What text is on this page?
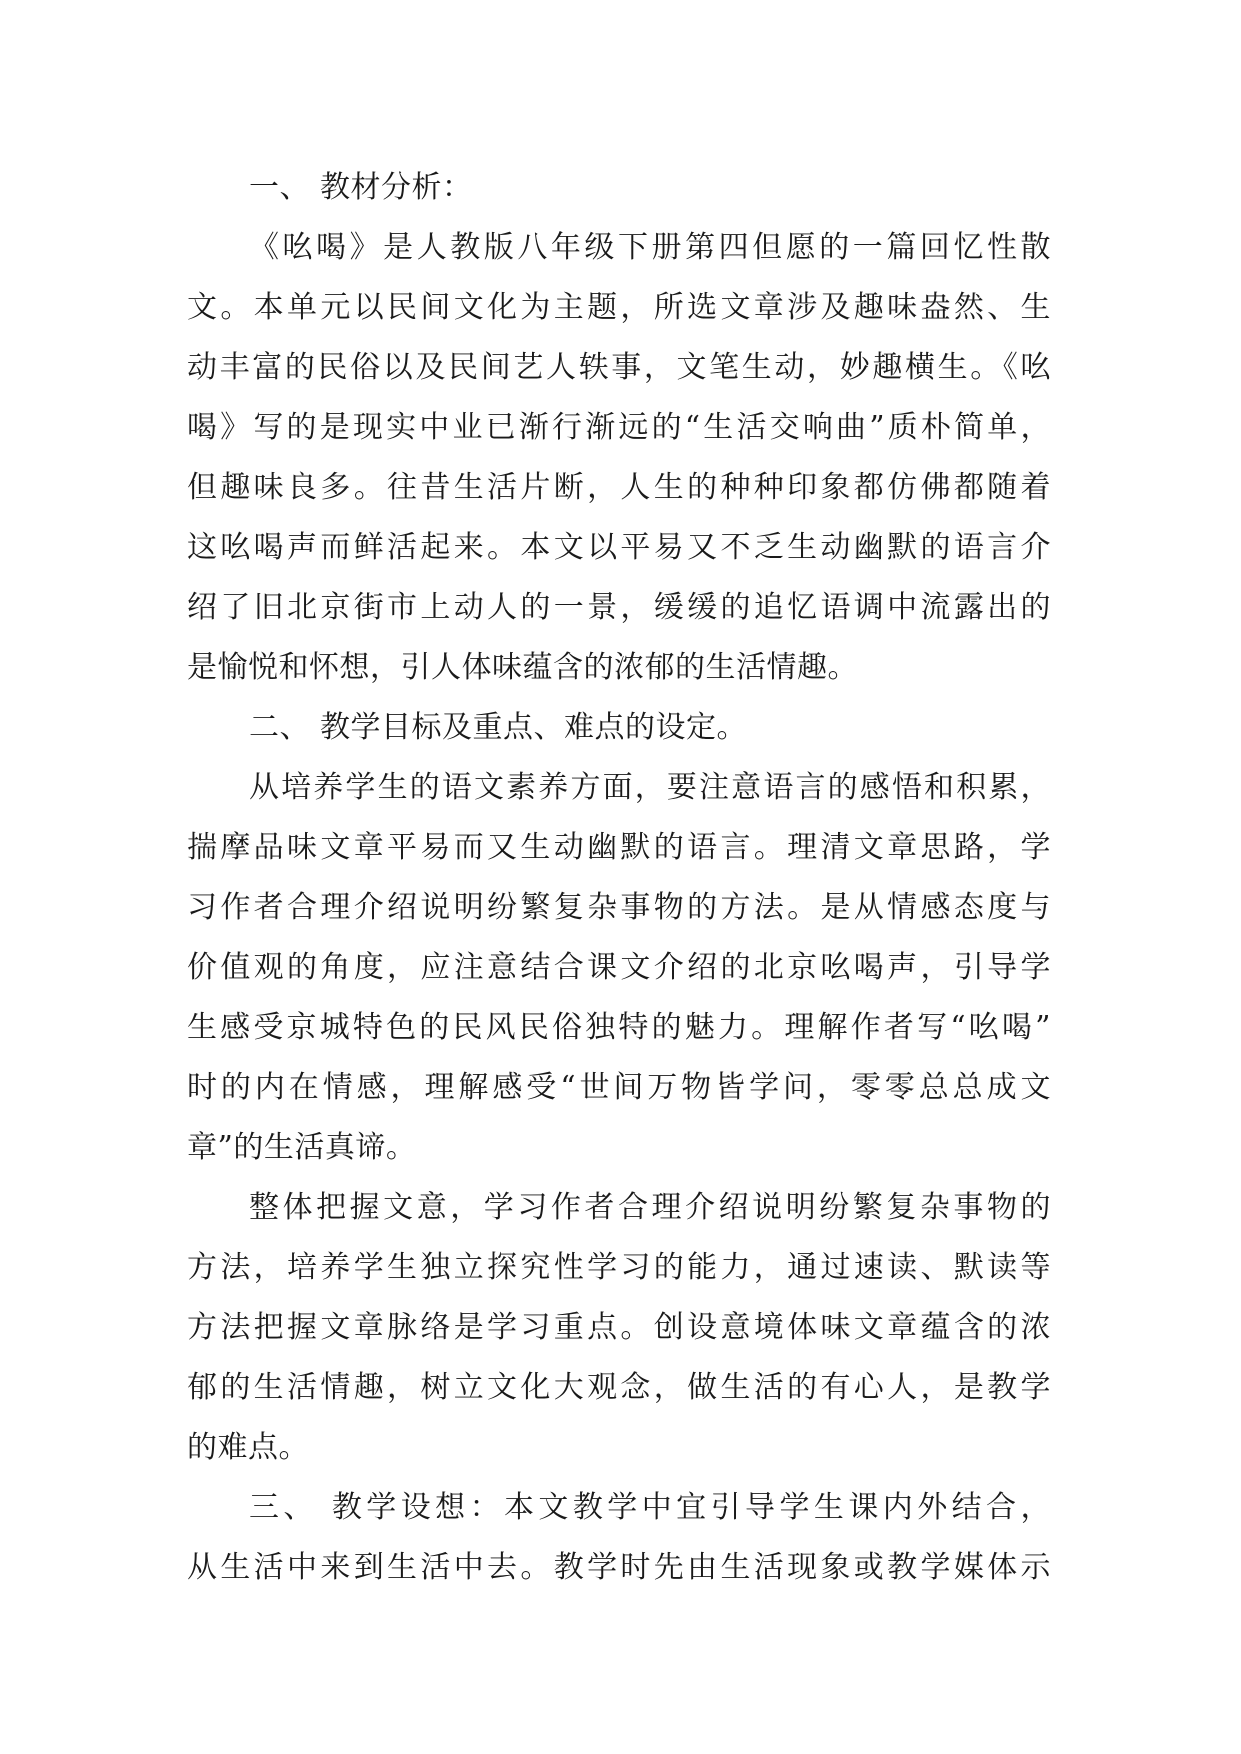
一、 教材分析：
《吆喝》是人教版八年级下册第四但愿的一篇回忆性散
文。本单元以民间文化为主题，所选文章涉及趣味盎然、生
动丰富的民俗以及民间艺人轶事，文笔生动，妙趣横生。《吆
喝》写的是现实中业已渐行渐远的“生活交响曲”质朴简单，
但趣味良多。往昔生活片断，人生的种种印象都仿佛都随着
这吆喝声而鲜活起来。本文以平易又不乏生动幽默的语言介
绍了旧北京街市上动人的一景，缓缓的追忆语调中流露出的
是愉悦和怀想，引人体味蕴含的浓郁的生活情趣。
二、 教学目标及重点、难点的设定。
从培养学生的语文素养方面，要注意语言的感悟和积累，
揣摩品味文章平易而又生动幽默的语言。理清文章思路，学
习作者合理介绍说明纷繁复杂事物的方法。是从情感态度与
价值观的角度，应注意结合课文介绍的北京吆喝声，引导学
生感受京城特色的民风民俗独特的魅力。理解作者写“吆喝”
时的内在情感，理解感受“世间万物皆学问，零零总总成文
章”的生活真谛。
整体把握文意，学习作者合理介绍说明纷繁复杂事物的
方法，培养学生独立探究性学习的能力，通过速读、默读等
方法把握文章脉络是学习重点。创设意境体味文章蕴含的浓
郁的生活情趣，树立文化大观念，做生活的有心人，是教学
的难点。
三、 教学设想：本文教学中宜引导学生课内外结合，
从生活中来到生活中去。教学时先由生活现象或教学媒体示
